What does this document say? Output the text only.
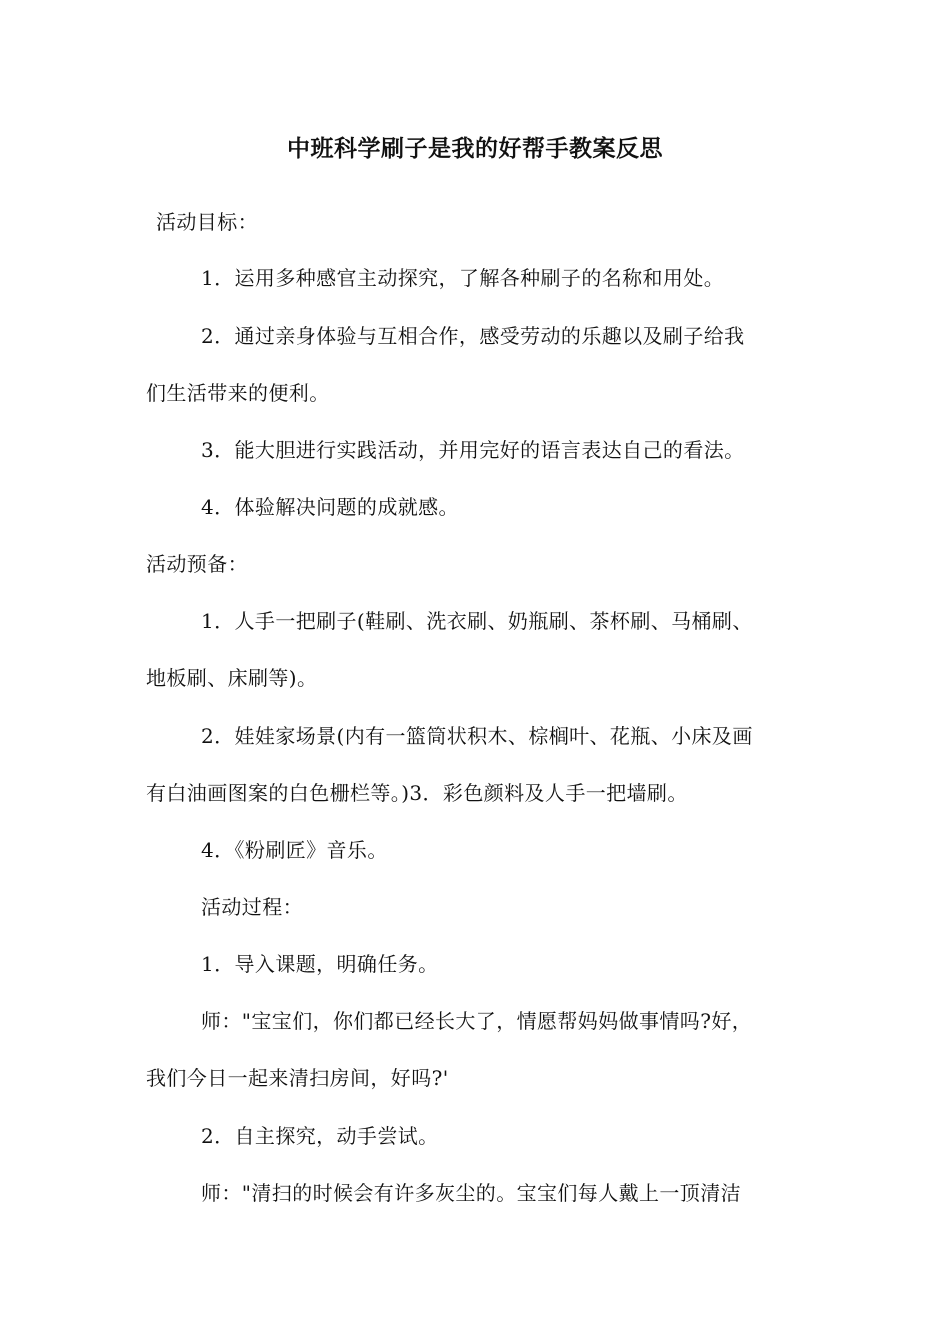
中班科学刷子是我的好帮手教案反思
活动目标：
1．运用多种感官主动探究，了解各种刷子的名称和用处。
2．通过亲身体验与互相合作，感受劳动的乐趣以及刷子给我
们生活带来的便利。
3．能大胆进行实践活动，并用完好的语言表达自己的看法。
4．体验解决问题的成就感。
活动预备：
1．人手一把刷子(鞋刷、洗衣刷、奶瓶刷、茶杯刷、马桶刷、
地板刷、床刷等)。
2．娃娃家场景(内有一篮筒状积木、棕榈叶、花瓶、小床及画
有白油画图案的白色栅栏等。)3．彩色颜料及人手一把墙刷。
4．《粉刷匠》音乐。
活动过程：
1．导入课题，明确任务。
师："宝宝们，你们都已经长大了，情愿帮妈妈做事情吗?好，
我们今日一起来清扫房间，好吗?'
2．自主探究，动手尝试。
师："清扫的时候会有许多灰尘的。宝宝们每人戴上一顶清洁
